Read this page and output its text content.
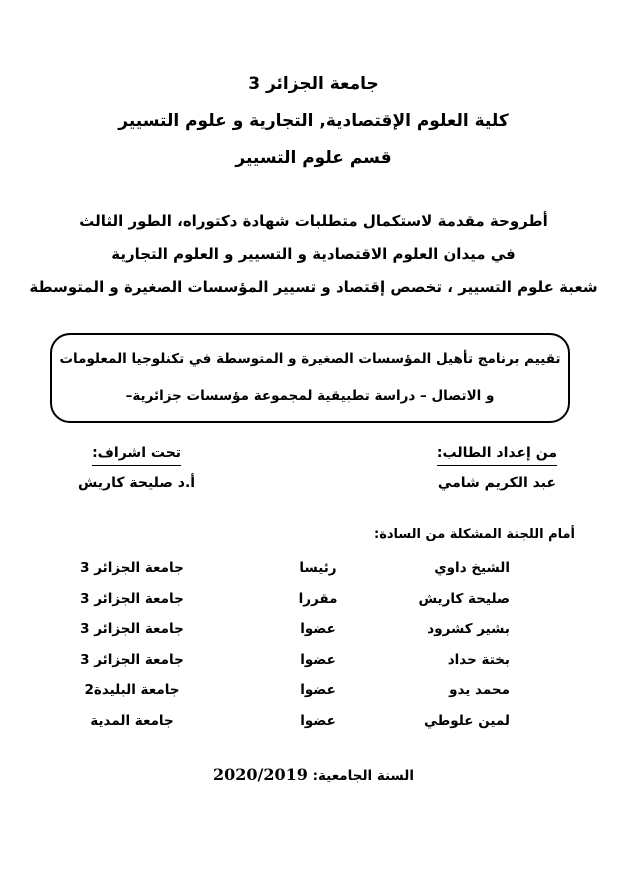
جامعة الجزائر 3
كلية العلوم الإقتصادية, التجارية و علوم التسيير
قسم علوم التسيير
أطروحة مقدمة لاستكمال متطلبات شهادة دكتوراه، الطور الثالث
في ميدان العلوم الاقتصادية و التسيير و العلوم التجارية
شعبة علوم التسيير ، تخصص إقتصاد و تسيير المؤسسات الصغيرة و المتوسطة
تقييم برنامج تأهيل المؤسسات الصغيرة و المتوسطة في تكنلوجيا المعلومات
و الاتصال – دراسة تطبيقية لمجموعة مؤسسات جزائرية–
من إعداد الطالب:
عبد الكريم شامي
تحت اشراف:
أ.د صليحة كاريش
أمام اللجنة المشكلة من السادة:
الشيخ داوي
صليحة كاريش
بشير كشرود
بختة حداد
محمد يدو
لمين علوطي
رئيسا
مقررا
عضوا
عضوا
عضوا
عضوا
جامعة الجزائر 3
جامعة الجزائر 3
جامعة الجزائر 3
جامعة الجزائر 3
جامعة البليدة2
جامعة المدية
السنة الجامعية: 2020/2019
